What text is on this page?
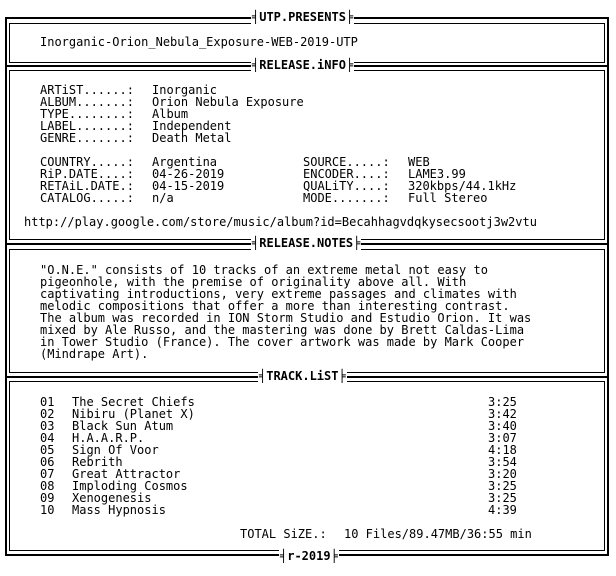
╡ UTP.PRESENTS ╞
╡ RELEASE.iNFO ╞
╡ RELEASE.NOTES ╞
╡ TRACK.LiST ╞
╡ r-2019 ╞
Inorganic-Orion_Nebula_Exposure-WEB-2019-UTP
ARTiST......: Inorganic
ALBUM.......: Orion Nebula Exposure
TYPE........: Album
LABEL.......: Independent
GENRE.......: Death Metal
COUNTRY.....: Argentina
RiP.DATE....: 04-26-2019
RETAiL.DATE.: 04-15-2019
CATALOG.....: n/a
SOURCE.....: WEB
ENCODER....: LAME3.99
QUALiTY....: 320kbps/44.1kHz
MODE.......: Full Stereo
http://play.google.com/store/music/album?id=Becahhagvdqkysecsootj3w2vtu
"O.N.E." consists of 10 tracks of an extreme metal not easy to
pigeonhole, with the premise of originality above all. With
captivating introductions, very extreme passages and climates with
melodic compositions that offer a more than interesting contrast.
The album was recorded in ION Storm Studio and Estudio Orion. It was
mixed by Ale Russo, and the mastering was done by Brett Caldas-Lima
in Tower Studio (France). The cover artwork was made by Mark Cooper
(Mindrape Art).
01 The Secret Chiefs	3:25
02 Nibiru (Planet X)	3:42
03 Black Sun Atum	3:40
04 H.A.A.R.P.	3:07
05 Sign Of Voor	4:18
06 Rebrith	3:54
07 Great Attractor	3:20
08 Imploding Cosmos	3:25
09 Xenogenesis	3:25
10 Mass Hypnosis	4:39
TOTAL SiZE.: 10 Files/89.47MB/36:55 min
